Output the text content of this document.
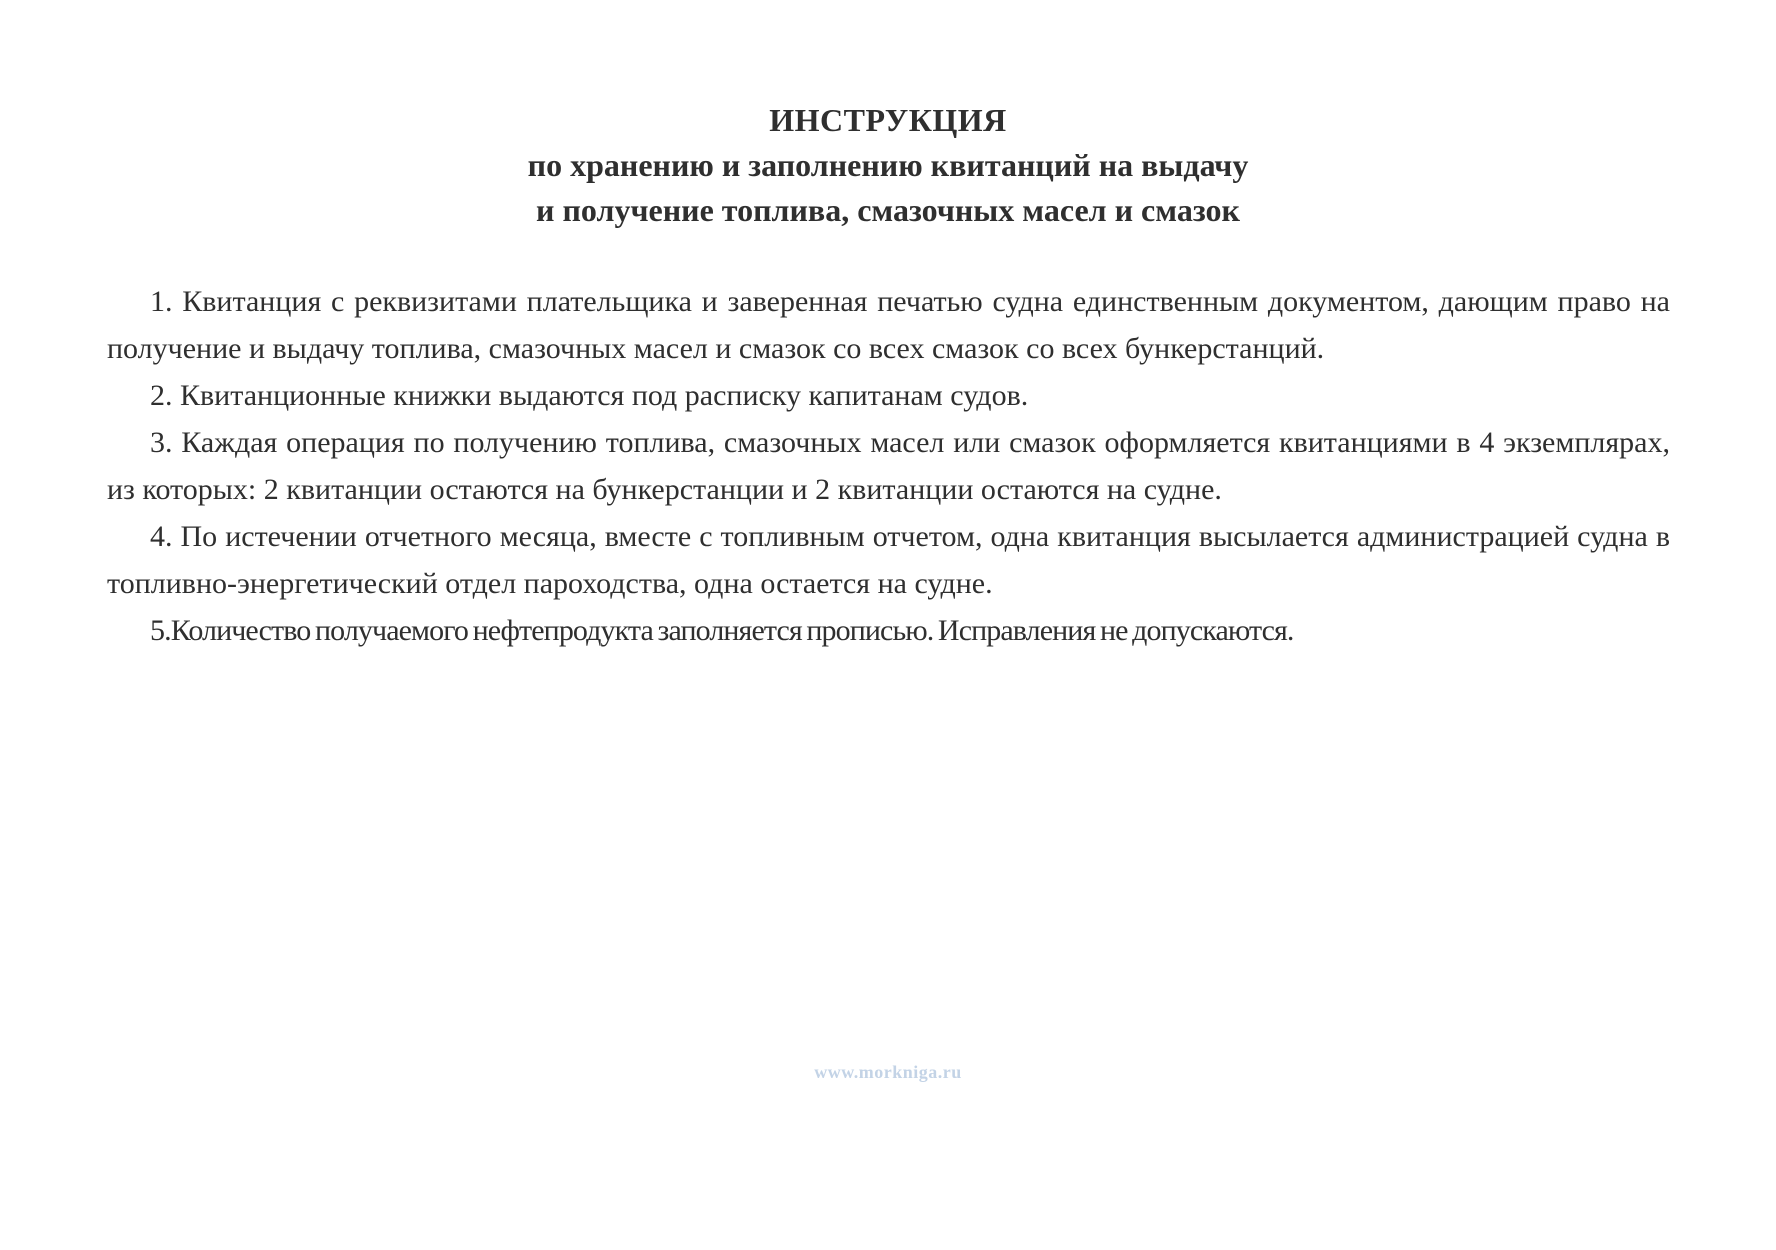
ИНСТРУКЦИЯ
по хранению и заполнению квитанций на выдачу
и получение топлива, смазочных масел и смазок

1. Квитанция с реквизитами плательщика и заверенная печатью судна единственным документом, дающим право на получение и выдачу топлива, смазочных масел и смазок со всех смазок со всех бункерстанций.

2. Квитанционные книжки выдаются под расписку капитанам судов.

3. Каждая операция по получению топлива, смазочных масел или смазок оформляется квитанциями в 4 экземплярах, из которых: 2 квитанции остаются на бункерстанции и 2 квитанции остаются на судне.

4. По истечении отчетного месяца, вместе с топливным отчетом, одна квитанция высылается администрацией судна в топливно-энергетический отдел пароходства, одна остается на судне.

5.Количество получаемого нефтепродукта заполняется прописью. Исправления не допускаются.

www.morkniga.ru
